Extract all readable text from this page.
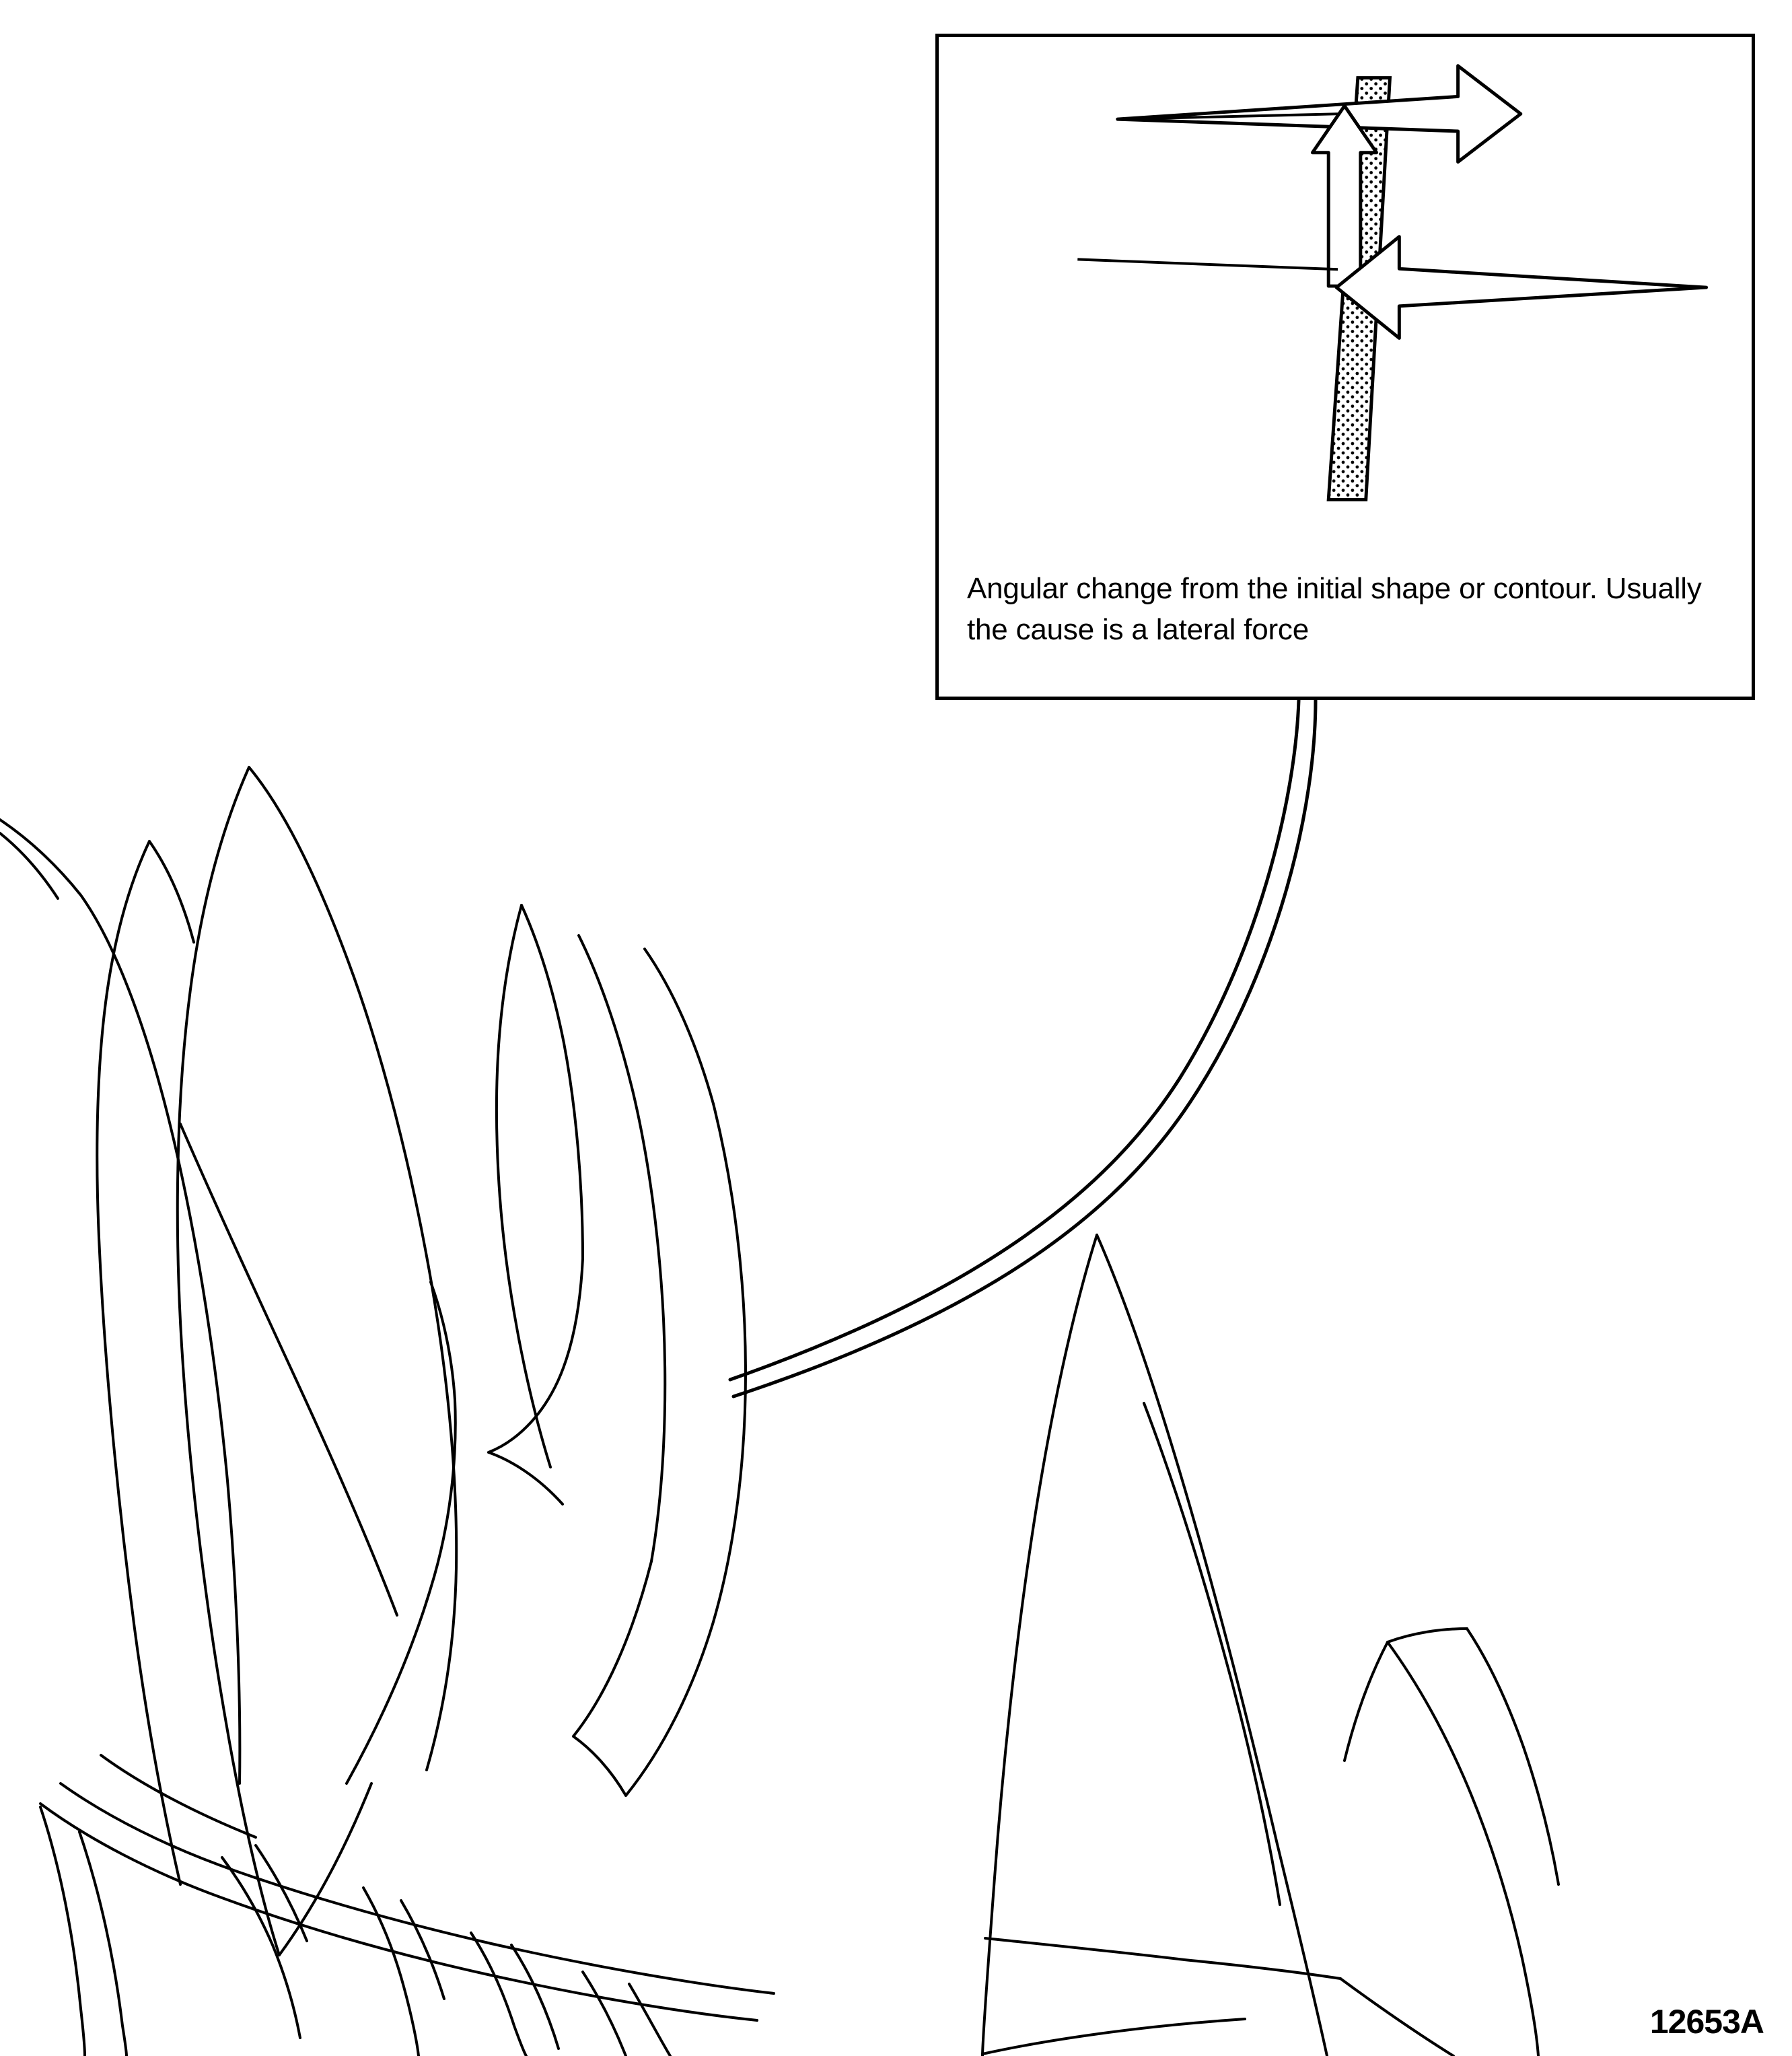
Angular change from the initial shape or contour. Usually the cause is a lateral force
12653A
